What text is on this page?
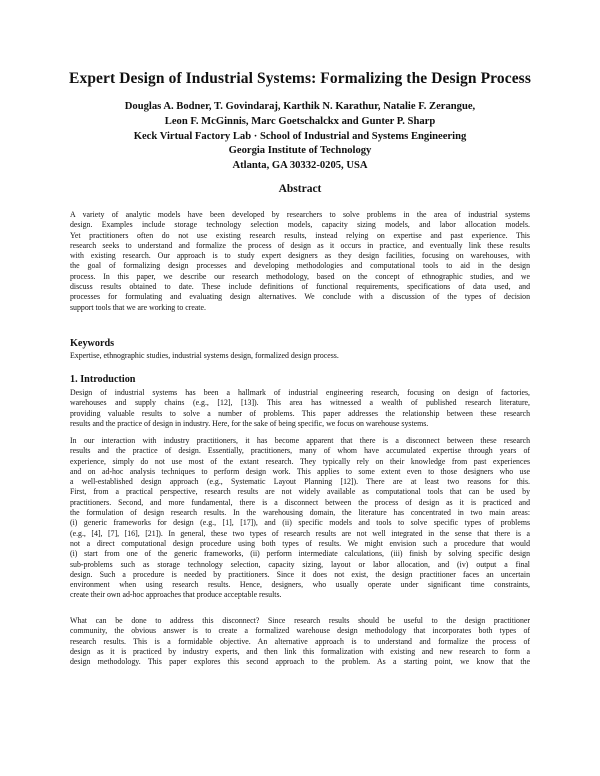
Expert Design of Industrial Systems: Formalizing the Design Process
Douglas A. Bodner, T. Govindaraj, Karthik N. Karathur, Natalie F. Zerangue,
Leon F. McGinnis, Marc Goetschalckx and Gunter P. Sharp
Keck Virtual Factory Lab · School of Industrial and Systems Engineering
Georgia Institute of Technology
Atlanta, GA 30332-0205, USA
Abstract
A variety of analytic models have been developed by researchers to solve problems in the area of industrial systems
design. Examples include storage technology selection models, capacity sizing models, and labor allocation models.
Yet practitioners often do not use existing research results, instead relying on expertise and past experience. This
research seeks to understand and formalize the process of design as it occurs in practice, and eventually link these results
with existing research. Our approach is to study expert designers as they design facilities, focusing on warehouses, with
the goal of formalizing design processes and developing methodologies and computational tools to aid in the design
process. In this paper, we describe our research methodology, based on the concept of ethnographic studies, and we
discuss results obtained to date. These include definitions of functional requirements, specifications of data used, and
processes for formulating and evaluating design alternatives. We conclude with a discussion of the types of decision
support tools that we are working to create.
Keywords
Expertise, ethnographic studies, industrial systems design, formalized design process.
1. Introduction
Design of industrial systems has been a hallmark of industrial engineering research, focusing on design of factories,
warehouses and supply chains (e.g., [12], [13]). This area has witnessed a wealth of published research literature,
providing valuable results to solve a number of problems. This paper addresses the relationship between these research
results and the practice of design in industry. Here, for the sake of being specific, we focus on warehouse systems.
In our interaction with industry practitioners, it has become apparent that there is a disconnect between these research
results and the practice of design. Essentially, practitioners, many of whom have accumulated expertise through years of
experience, simply do not use most of the extant research. They typically rely on their knowledge from past experiences
and on ad-hoc analysis techniques to perform design work. This applies to some extent even to those designers who use
a well-established design approach (e.g., Systematic Layout Planning [12]). There are at least two reasons for this.
First, from a practical perspective, research results are not widely available as computational tools that can be used by
practitioners. Second, and more fundamental, there is a disconnect between the process of design as it is practiced and
the formulation of design research results. In the warehousing domain, the literature has concentrated in two main areas:
(i) generic frameworks for design (e.g., [1], [17]), and (ii) specific models and tools to solve specific types of problems
(e.g., [4], [7], [16], [21]). In general, these two types of research results are not well integrated in the sense that there is a
not a direct computational design procedure using both types of results. We might envision such a procedure that would
(i) start from one of the generic frameworks, (ii) perform intermediate calculations, (iii) finish by solving specific design
sub-problems such as storage technology selection, capacity sizing, layout or labor allocation, and (iv) output a final
design. Such a procedure is needed by practitioners. Since it does not exist, the design practitioner faces an uncertain
environment when using research results. Hence, designers, who usually operate under significant time constraints,
create their own ad-hoc approaches that produce acceptable results.
What can be done to address this disconnect? Since research results should be useful to the design practitioner
community, the obvious answer is to create a formalized warehouse design methodology that incorporates both types of
research results. This is a formidable objective. An alternative approach is to understand and formalize the process of
design as it is practiced by industry experts, and then link this formalization with existing and new research to form a
design methodology. This paper explores this second approach to the problem. As a starting point, we know that the
